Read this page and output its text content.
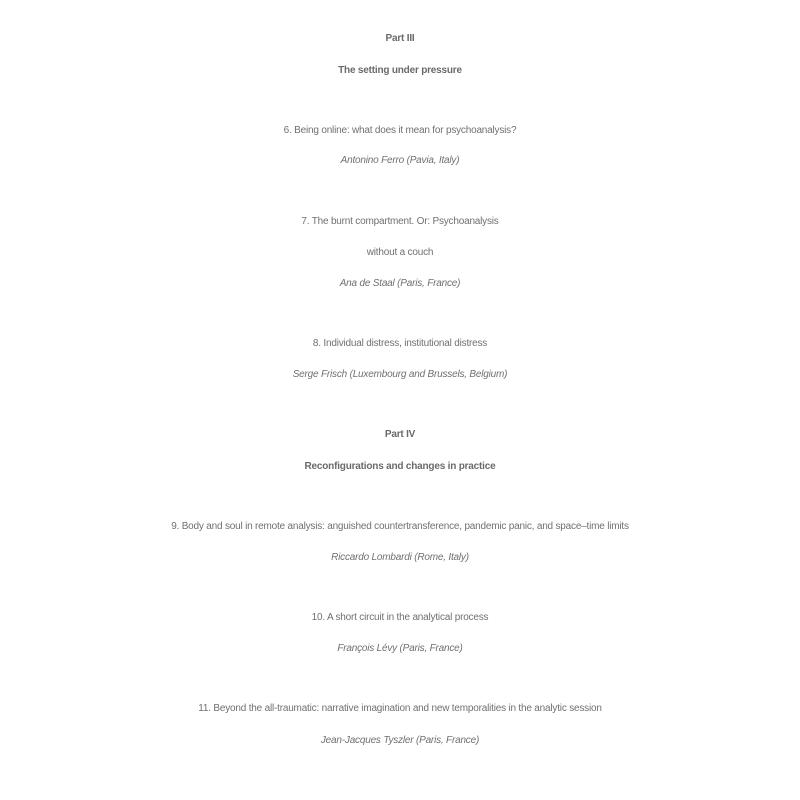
Part III
The setting under pressure
6. Being online: what does it mean for psychoanalysis?
Antonino Ferro (Pavia, Italy)
7. The burnt compartment. Or: Psychoanalysis
without a couch
Ana de Staal (Paris, France)
8. Individual distress, institutional distress
Serge Frisch (Luxembourg and Brussels, Belgium)
Part IV
Reconfigurations and changes in practice
9. Body and soul in remote analysis: anguished countertransference, pandemic panic, and space–time limits
Riccardo Lombardi (Rome, Italy)
10. A short circuit in the analytical process
François Lévy (Paris, France)
11. Beyond the all-traumatic: narrative imagination and new temporalities in the analytic session
Jean-Jacques Tyszler (Paris, France)
